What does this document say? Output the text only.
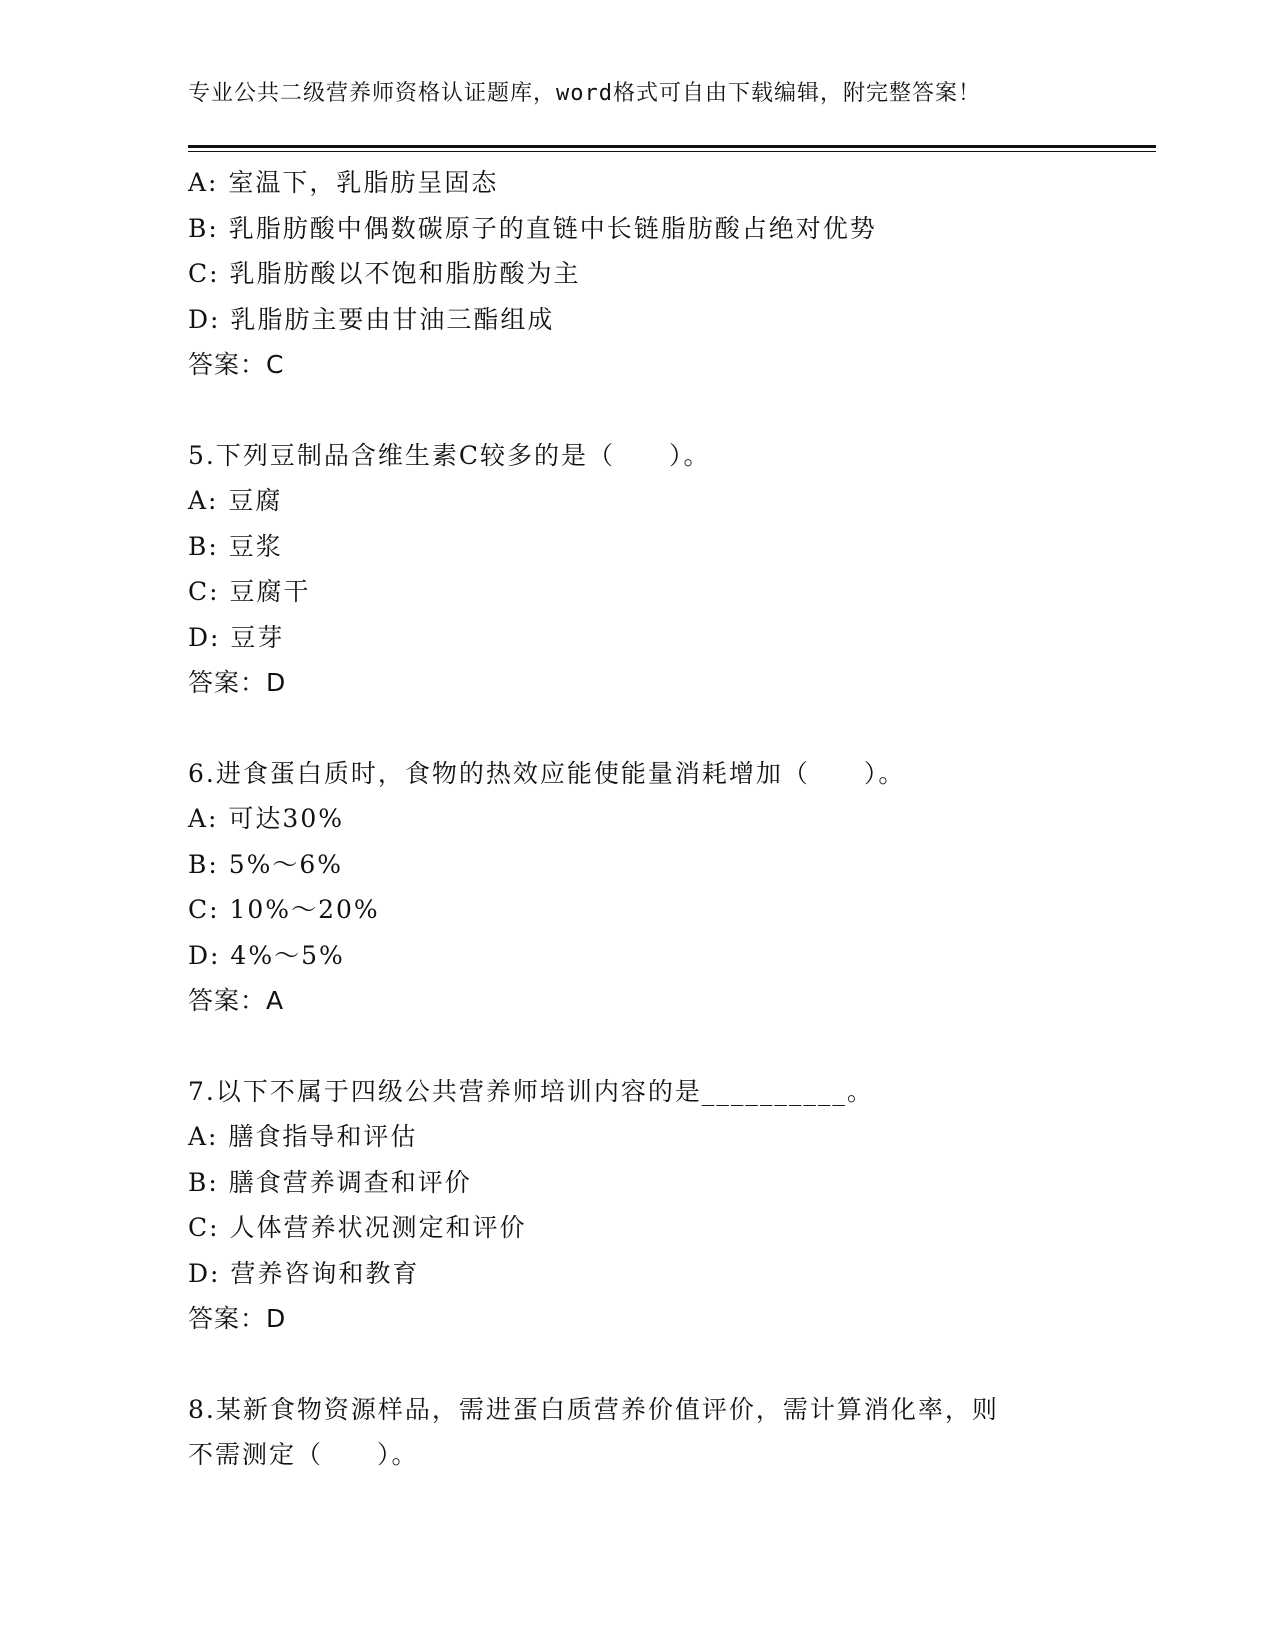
专业公共二级营养师资格认证题库，word格式可自由下载编辑，附完整答案！
A: 室温下，乳脂肪呈固态
B: 乳脂肪酸中偶数碳原子的直链中长链脂肪酸占绝对优势
C: 乳脂肪酸以不饱和脂肪酸为主
D: 乳脂肪主要由甘油三酯组成
答案：C
5.下列豆制品含维生素C较多的是（　　）。
A: 豆腐
B: 豆浆
C: 豆腐干
D: 豆芽
答案：D
6.进食蛋白质时，食物的热效应能使能量消耗增加（　　）。
A: 可达30%
B: 5%～6%
C: 10%～20%
D: 4%～5%
答案：A
7.以下不属于四级公共营养师培训内容的是__________。
A: 膳食指导和评估
B: 膳食营养调查和评价
C: 人体营养状况测定和评价
D: 营养咨询和教育
答案：D
8.某新食物资源样品，需进蛋白质营养价值评价，需计算消化率，则
不需测定（　　）。
